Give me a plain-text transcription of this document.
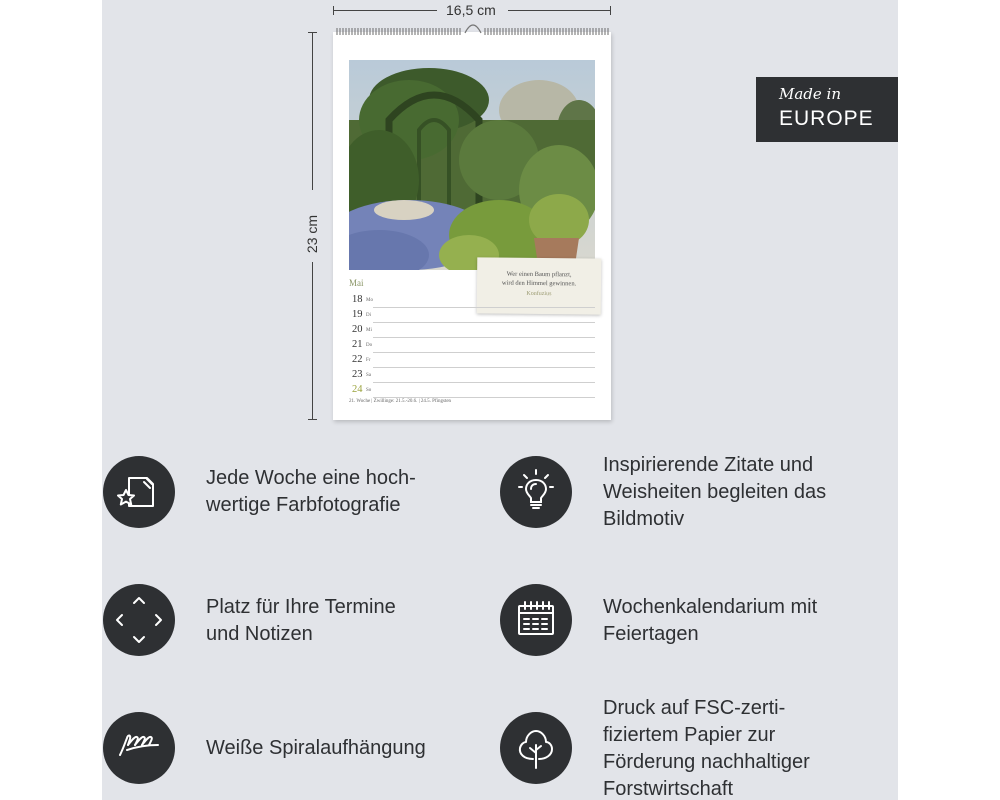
16,5 cm
23 cm
Wer einen Baum pflanzt,
wird den Himmel gewinnen.
Konfuzius
Mai
18 Mo
19 Di
20 Mi
21 Do
22 Fr
23 Sa
24 So
21. Woche | Zwillinge: 21.5.-20.6. | 24.5. Pfingsten
Made in
EUROPE
Jede Woche eine hoch-
wertige Farbfotografie
Inspirierende Zitate und
Weisheiten begleiten das
Bildmotiv
Platz für Ihre Termine
und Notizen
Wochenkalendarium mit
Feiertagen
Weiße Spiralaufhängung
Druck auf FSC-zerti-
fiziertem Papier zur
Förderung nachhaltiger
Forstwirtschaft
